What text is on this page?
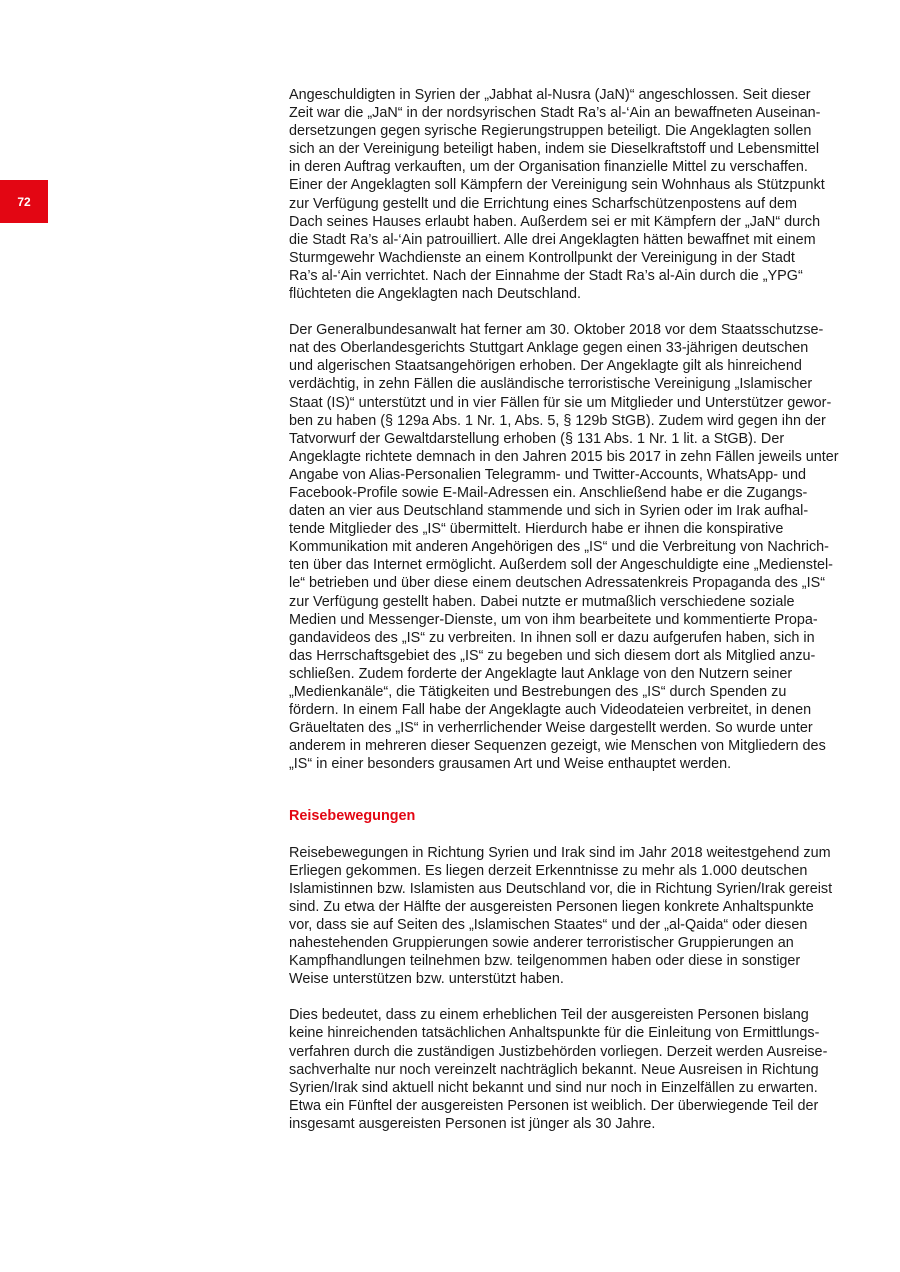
72

Angeschuldigten in Syrien der „Jabhat al-Nusra (JaN)“ angeschlossen. Seit dieser
Zeit war die „JaN“ in der nordsyrischen Stadt Ra’s al-‘Ain an bewaffneten Auseinan-
dersetzungen gegen syrische Regierungstruppen beteiligt. Die Angeklagten sollen
sich an der Vereinigung beteiligt haben, indem sie Dieselkraftstoff und Lebensmittel
in deren Auftrag verkauften, um der Organisation finanzielle Mittel zu verschaffen.
Einer der Angeklagten soll Kämpfern der Vereinigung sein Wohnhaus als Stützpunkt
zur Verfügung gestellt und die Errichtung eines Scharfschützenpostens auf dem
Dach seines Hauses erlaubt haben. Außerdem sei er mit Kämpfern der „JaN“ durch
die Stadt Ra’s al-‘Ain patrouilliert. Alle drei Angeklagten hätten bewaffnet mit einem
Sturmgewehr Wachdienste an einem Kontrollpunkt der Vereinigung in der Stadt
Ra’s al-‘Ain verrichtet. Nach der Einnahme der Stadt Ra’s al-Ain durch die „YPG“
flüchteten die Angeklagten nach Deutschland.

Der Generalbundesanwalt hat ferner am 30. Oktober 2018 vor dem Staatsschutzse-
nat des Oberlandesgerichts Stuttgart Anklage gegen einen 33-jährigen deutschen
und algerischen Staatsangehörigen erhoben. Der Angeklagte gilt als hinreichend
verdächtig, in zehn Fällen die ausländische terroristische Vereinigung „Islamischer
Staat (IS)“ unterstützt und in vier Fällen für sie um Mitglieder und Unterstützer gewor-
ben zu haben (§ 129a Abs. 1 Nr. 1, Abs. 5, § 129b StGB). Zudem wird gegen ihn der
Tatvorwurf der Gewaltdarstellung erhoben (§ 131 Abs. 1 Nr. 1 lit. a StGB). Der
Angeklagte richtete demnach in den Jahren 2015 bis 2017 in zehn Fällen jeweils unter
Angabe von Alias-Personalien Telegramm- und Twitter-Accounts, WhatsApp- und
Facebook-Profile sowie E-Mail-Adressen ein. Anschließend habe er die Zugangs-
daten an vier aus Deutschland stammende und sich in Syrien oder im Irak aufhal-
tende Mitglieder des „IS“ übermittelt. Hierdurch habe er ihnen die konspirative
Kommunikation mit anderen Angehörigen des „IS“ und die Verbreitung von Nachrich-
ten über das Internet ermöglicht. Außerdem soll der Angeschuldigte eine „Medienstel-
le“ betrieben und über diese einem deutschen Adressatenkreis Propaganda des „IS“
zur Verfügung gestellt haben. Dabei nutzte er mutmaßlich verschiedene soziale
Medien und Messenger-Dienste, um von ihm bearbeitete und kommentierte Propa-
gandavideos des „IS“ zu verbreiten. In ihnen soll er dazu aufgerufen haben, sich in
das Herrschaftsgebiet des „IS“ zu begeben und sich diesem dort als Mitglied anzu-
schließen. Zudem forderte der Angeklagte laut Anklage von den Nutzern seiner
„Medienkanäle“, die Tätigkeiten und Bestrebungen des „IS“ durch Spenden zu
fördern. In einem Fall habe der Angeklagte auch Videodateien verbreitet, in denen
Gräueltaten des „IS“ in verherrlichender Weise dargestellt werden. So wurde unter
anderem in mehreren dieser Sequenzen gezeigt, wie Menschen von Mitgliedern des
„IS“ in einer besonders grausamen Art und Weise enthauptet werden.

Reisebewegungen

Reisebewegungen in Richtung Syrien und Irak sind im Jahr 2018 weitestgehend zum
Erliegen gekommen. Es liegen derzeit Erkenntnisse zu mehr als 1.000 deutschen
Islamistinnen bzw. Islamisten aus Deutschland vor, die in Richtung Syrien/Irak gereist
sind. Zu etwa der Hälfte der ausgereisten Personen liegen konkrete Anhaltspunkte
vor, dass sie auf Seiten des „Islamischen Staates“ und der „al-Qaida“ oder diesen
nahestehenden Gruppierungen sowie anderer terroristischer Gruppierungen an
Kampfhandlungen teilnehmen bzw. teilgenommen haben oder diese in sonstiger
Weise unterstützen bzw. unterstützt haben.

Dies bedeutet, dass zu einem erheblichen Teil der ausgereisten Personen bislang
keine hinreichenden tatsächlichen Anhaltspunkte für die Einleitung von Ermittlungs-
verfahren durch die zuständigen Justizbehörden vorliegen. Derzeit werden Ausreise-
sachverhalte nur noch vereinzelt nachträglich bekannt. Neue Ausreisen in Richtung
Syrien/Irak sind aktuell nicht bekannt und sind nur noch in Einzelfällen zu erwarten.
Etwa ein Fünftel der ausgereisten Personen ist weiblich. Der überwiegende Teil der
insgesamt ausgereisten Personen ist jünger als 30 Jahre.
